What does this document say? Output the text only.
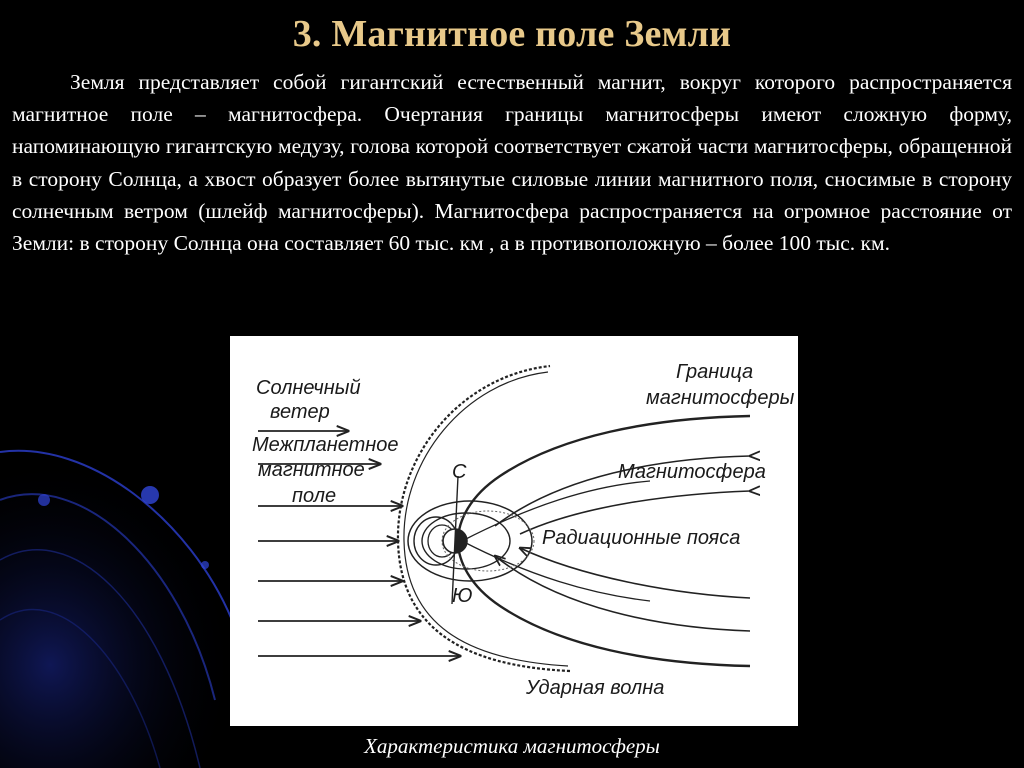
3. Магнитное поле Земли
Земля представляет собой гигантский естественный магнит, вокруг которого распространяется магнитное поле – магнитосфера. Очертания границы магнитосферы имеют сложную форму, напоминающую гигантскую медузу, голова которой соответствует сжатой части магнитосферы, обращенной в сторону Солнца, а хвост образует более вытянутые силовые линии магнитного поля, сносимые в сторону солнечным ветром (шлейф магнитосферы). Магнитосфера распространяется на огромное расстояние от Земли: в сторону Солнца она составляет 60 тыс. км , а в противоположную – более 100 тыс. км.
С
Ю
Солнечный
ветер
Межпланетное
магнитное
поле
Граница
магнитосферы
Магнитосфера
Радиационные пояса
Ударная волна
Характеристика магнитосферы
